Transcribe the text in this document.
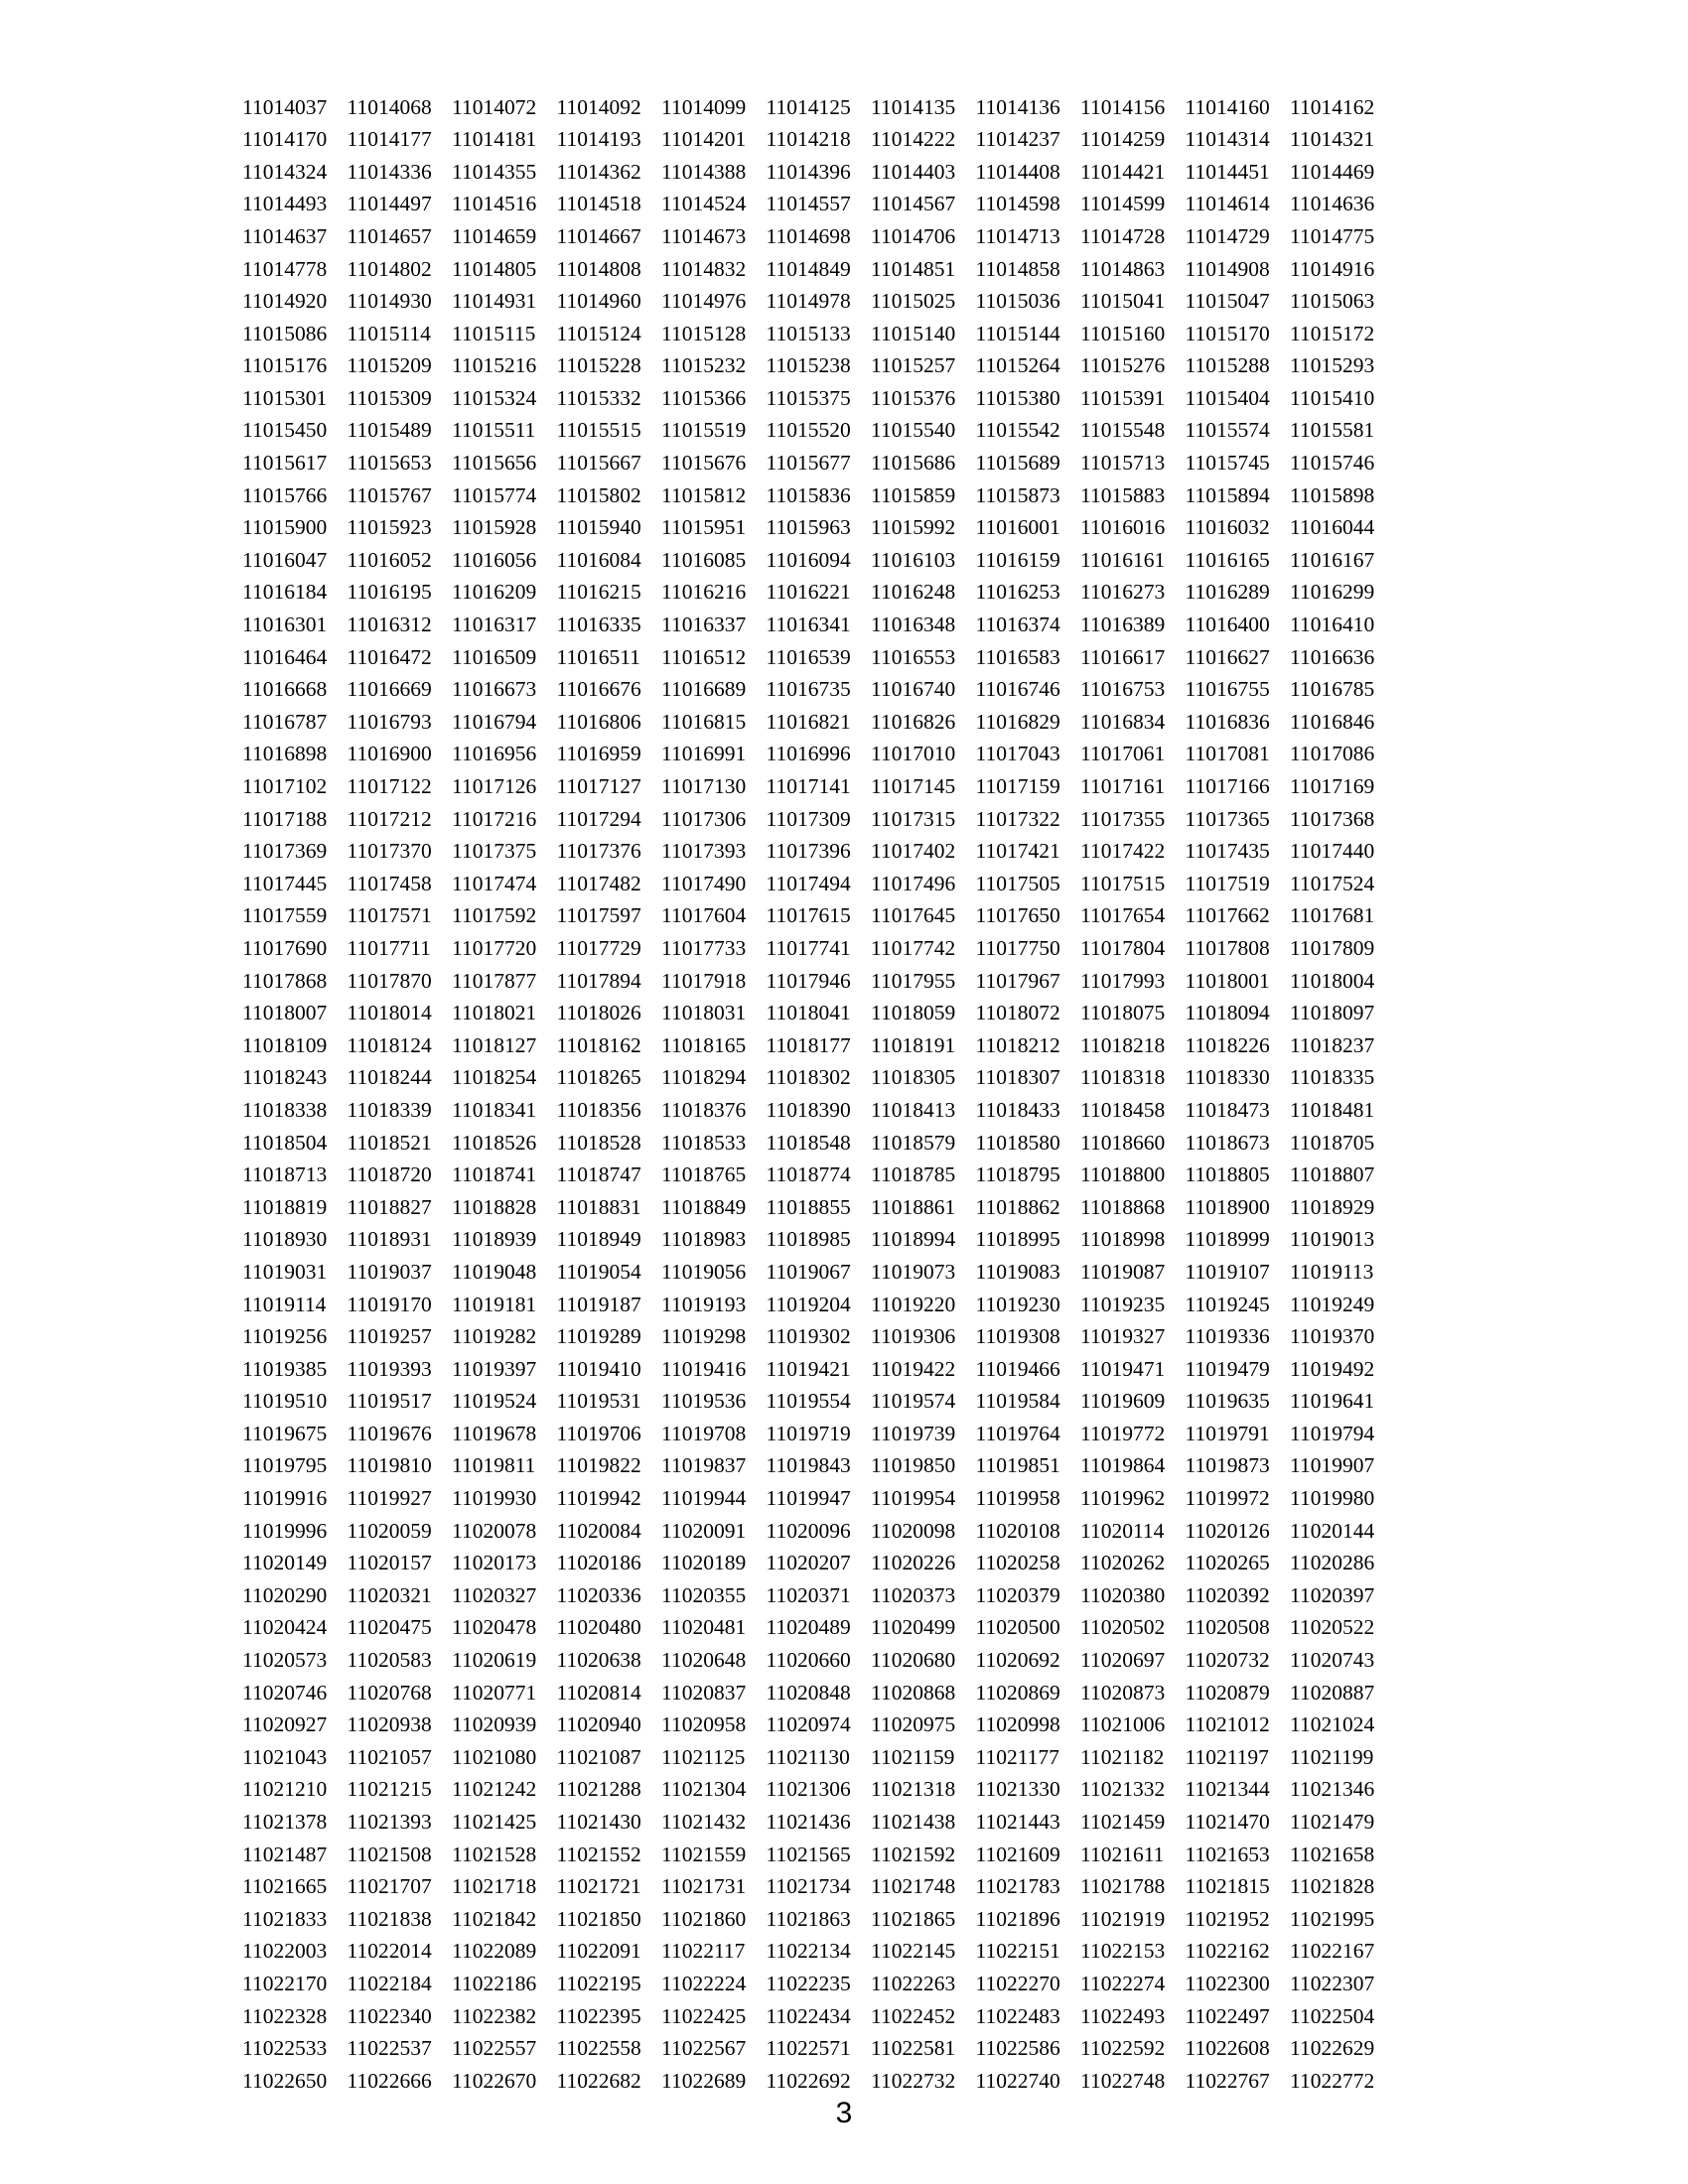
11014037 11014068 11014072 11014092 11014099 11014125 11014135 11014136 11014156 11014160 11014162
11014170 11014177 11014181 11014193 11014201 11014218 11014222 11014237 11014259 11014314 11014321
11014324 11014336 11014355 11014362 11014388 11014396 11014403 11014408 11014421 11014451 11014469
11014493 11014497 11014516 11014518 11014524 11014557 11014567 11014598 11014599 11014614 11014636
11014637 11014657 11014659 11014667 11014673 11014698 11014706 11014713 11014728 11014729 11014775
11014778 11014802 11014805 11014808 11014832 11014849 11014851 11014858 11014863 11014908 11014916
11014920 11014930 11014931 11014960 11014976 11014978 11015025 11015036 11015041 11015047 11015063
11015086 11015114 11015115 11015124 11015128 11015133 11015140 11015144 11015160 11015170 11015172
11015176 11015209 11015216 11015228 11015232 11015238 11015257 11015264 11015276 11015288 11015293
11015301 11015309 11015324 11015332 11015366 11015375 11015376 11015380 11015391 11015404 11015410
11015450 11015489 11015511 11015515 11015519 11015520 11015540 11015542 11015548 11015574 11015581
11015617 11015653 11015656 11015667 11015676 11015677 11015686 11015689 11015713 11015745 11015746
11015766 11015767 11015774 11015802 11015812 11015836 11015859 11015873 11015883 11015894 11015898
11015900 11015923 11015928 11015940 11015951 11015963 11015992 11016001 11016016 11016032 11016044
11016047 11016052 11016056 11016084 11016085 11016094 11016103 11016159 11016161 11016165 11016167
11016184 11016195 11016209 11016215 11016216 11016221 11016248 11016253 11016273 11016289 11016299
11016301 11016312 11016317 11016335 11016337 11016341 11016348 11016374 11016389 11016400 11016410
11016464 11016472 11016509 11016511 11016512 11016539 11016553 11016583 11016617 11016627 11016636
11016668 11016669 11016673 11016676 11016689 11016735 11016740 11016746 11016753 11016755 11016785
11016787 11016793 11016794 11016806 11016815 11016821 11016826 11016829 11016834 11016836 11016846
11016898 11016900 11016956 11016959 11016991 11016996 11017010 11017043 11017061 11017081 11017086
11017102 11017122 11017126 11017127 11017130 11017141 11017145 11017159 11017161 11017166 11017169
11017188 11017212 11017216 11017294 11017306 11017309 11017315 11017322 11017355 11017365 11017368
11017369 11017370 11017375 11017376 11017393 11017396 11017402 11017421 11017422 11017435 11017440
11017445 11017458 11017474 11017482 11017490 11017494 11017496 11017505 11017515 11017519 11017524
11017559 11017571 11017592 11017597 11017604 11017615 11017645 11017650 11017654 11017662 11017681
11017690 11017711 11017720 11017729 11017733 11017741 11017742 11017750 11017804 11017808 11017809
11017868 11017870 11017877 11017894 11017918 11017946 11017955 11017967 11017993 11018001 11018004
11018007 11018014 11018021 11018026 11018031 11018041 11018059 11018072 11018075 11018094 11018097
11018109 11018124 11018127 11018162 11018165 11018177 11018191 11018212 11018218 11018226 11018237
11018243 11018244 11018254 11018265 11018294 11018302 11018305 11018307 11018318 11018330 11018335
11018338 11018339 11018341 11018356 11018376 11018390 11018413 11018433 11018458 11018473 11018481
11018504 11018521 11018526 11018528 11018533 11018548 11018579 11018580 11018660 11018673 11018705
11018713 11018720 11018741 11018747 11018765 11018774 11018785 11018795 11018800 11018805 11018807
11018819 11018827 11018828 11018831 11018849 11018855 11018861 11018862 11018868 11018900 11018929
11018930 11018931 11018939 11018949 11018983 11018985 11018994 11018995 11018998 11018999 11019013
11019031 11019037 11019048 11019054 11019056 11019067 11019073 11019083 11019087 11019107 11019113
11019114 11019170 11019181 11019187 11019193 11019204 11019220 11019230 11019235 11019245 11019249
11019256 11019257 11019282 11019289 11019298 11019302 11019306 11019308 11019327 11019336 11019370
11019385 11019393 11019397 11019410 11019416 11019421 11019422 11019466 11019471 11019479 11019492
11019510 11019517 11019524 11019531 11019536 11019554 11019574 11019584 11019609 11019635 11019641
11019675 11019676 11019678 11019706 11019708 11019719 11019739 11019764 11019772 11019791 11019794
11019795 11019810 11019811 11019822 11019837 11019843 11019850 11019851 11019864 11019873 11019907
11019916 11019927 11019930 11019942 11019944 11019947 11019954 11019958 11019962 11019972 11019980
11019996 11020059 11020078 11020084 11020091 11020096 11020098 11020108 11020114 11020126 11020144
11020149 11020157 11020173 11020186 11020189 11020207 11020226 11020258 11020262 11020265 11020286
11020290 11020321 11020327 11020336 11020355 11020371 11020373 11020379 11020380 11020392 11020397
11020424 11020475 11020478 11020480 11020481 11020489 11020499 11020500 11020502 11020508 11020522
11020573 11020583 11020619 11020638 11020648 11020660 11020680 11020692 11020697 11020732 11020743
11020746 11020768 11020771 11020814 11020837 11020848 11020868 11020869 11020873 11020879 11020887
11020927 11020938 11020939 11020940 11020958 11020974 11020975 11020998 11021006 11021012 11021024
11021043 11021057 11021080 11021087 11021125 11021130 11021159 11021177 11021182 11021197 11021199
11021210 11021215 11021242 11021288 11021304 11021306 11021318 11021330 11021332 11021344 11021346
11021378 11021393 11021425 11021430 11021432 11021436 11021438 11021443 11021459 11021470 11021479
11021487 11021508 11021528 11021552 11021559 11021565 11021592 11021609 11021611 11021653 11021658
11021665 11021707 11021718 11021721 11021731 11021734 11021748 11021783 11021788 11021815 11021828
11021833 11021838 11021842 11021850 11021860 11021863 11021865 11021896 11021919 11021952 11021995
11022003 11022014 11022089 11022091 11022117 11022134 11022145 11022151 11022153 11022162 11022167
11022170 11022184 11022186 11022195 11022224 11022235 11022263 11022270 11022274 11022300 11022307
11022328 11022340 11022382 11022395 11022425 11022434 11022452 11022483 11022493 11022497 11022504
11022533 11022537 11022557 11022558 11022567 11022571 11022581 11022586 11022592 11022608 11022629
11022650 11022666 11022670 11022682 11022689 11022692 11022732 11022740 11022748 11022767 11022772
3
